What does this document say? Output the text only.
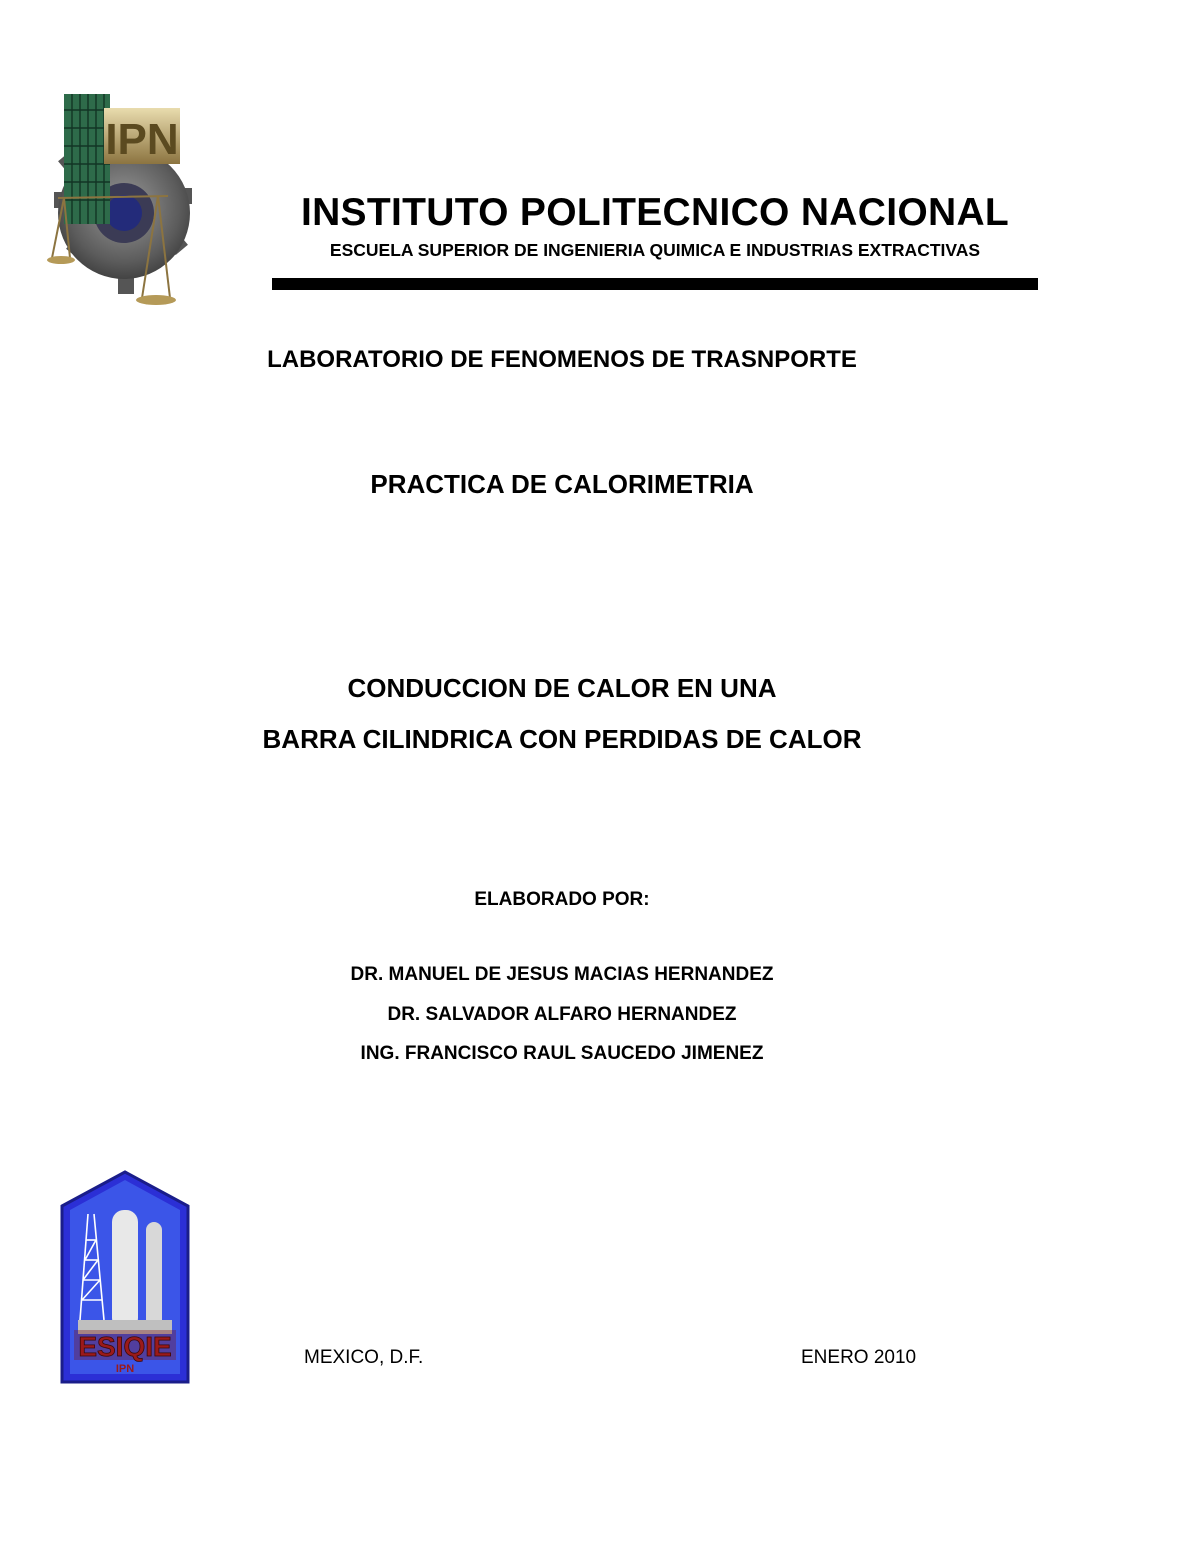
IPN
INSTITUTO POLITECNICO NACIONAL
ESCUELA SUPERIOR DE INGENIERIA QUIMICA E INDUSTRIAS EXTRACTIVAS
LABORATORIO DE FENOMENOS DE TRASNPORTE
PRACTICA DE CALORIMETRIA
CONDUCCION DE CALOR EN UNA
BARRA CILINDRICA CON PERDIDAS DE CALOR
ELABORADO POR:
DR. MANUEL DE JESUS MACIAS HERNANDEZ
DR. SALVADOR ALFARO HERNANDEZ
ING. FRANCISCO RAUL SAUCEDO JIMENEZ
ESIQIE
IPN
MEXICO, D.F.	ENERO 2010
